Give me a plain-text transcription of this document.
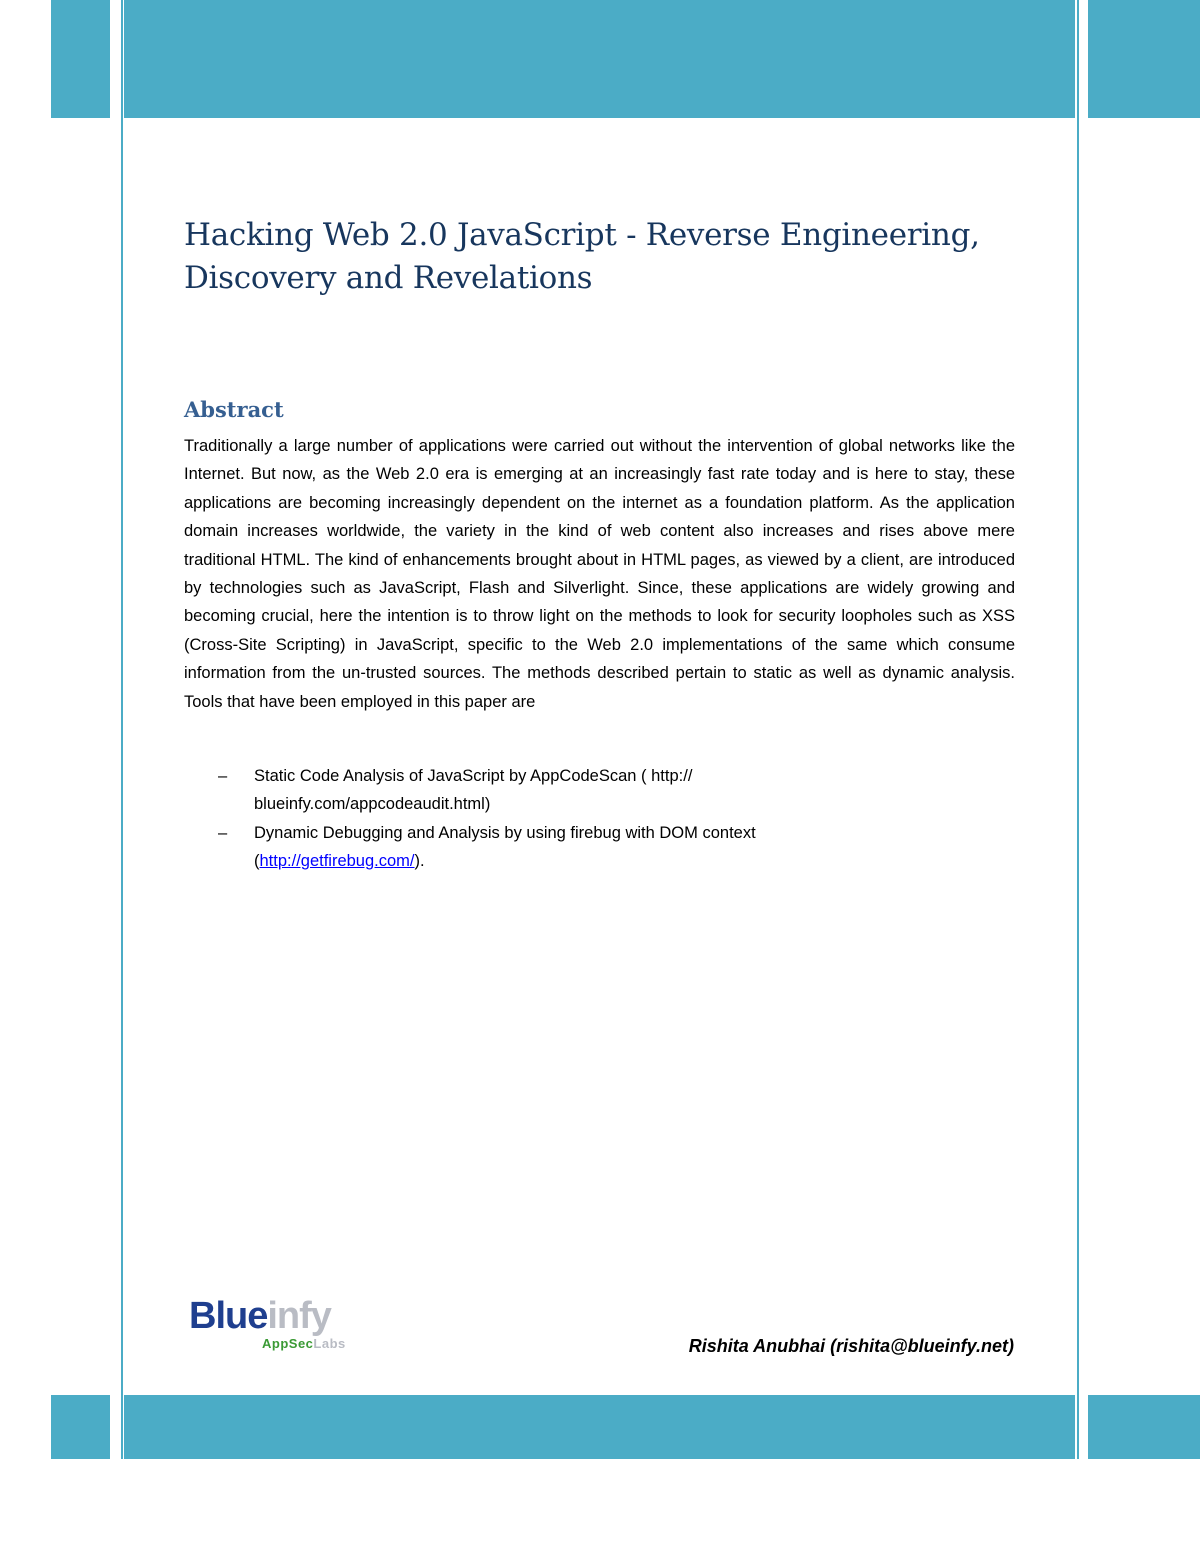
Hacking Web 2.0 JavaScript - Reverse Engineering, Discovery and Revelations
Abstract

Traditionally a large number of applications were carried out without the intervention of global networks like the Internet. But now, as the Web 2.0 era is emerging at an increasingly fast rate today and is here to stay, these applications are becoming increasingly dependent on the internet as a foundation platform. As the application domain increases worldwide, the variety in the kind of web content also increases and rises above mere traditional HTML. The kind of enhancements brought about in HTML pages, as viewed by a client, are introduced by technologies such as JavaScript, Flash and Silverlight. Since, these applications are widely growing and becoming crucial, here the intention is to throw light on the methods to look for security loopholes such as XSS (Cross-Site Scripting) in JavaScript, specific to the Web 2.0 implementations of the same which consume information from the un-trusted sources. The methods described pertain to static as well as dynamic analysis. Tools that have been employed in this paper are

– Static Code Analysis of JavaScript by AppCodeScan ( http:// blueinfy.com/appcodeaudit.html)
– Dynamic Debugging and Analysis by using firebug with DOM context (http://getfirebug.com/).
Blueinfy
AppSecLabs	Rishita Anubhai (rishita@blueinfy.net)
